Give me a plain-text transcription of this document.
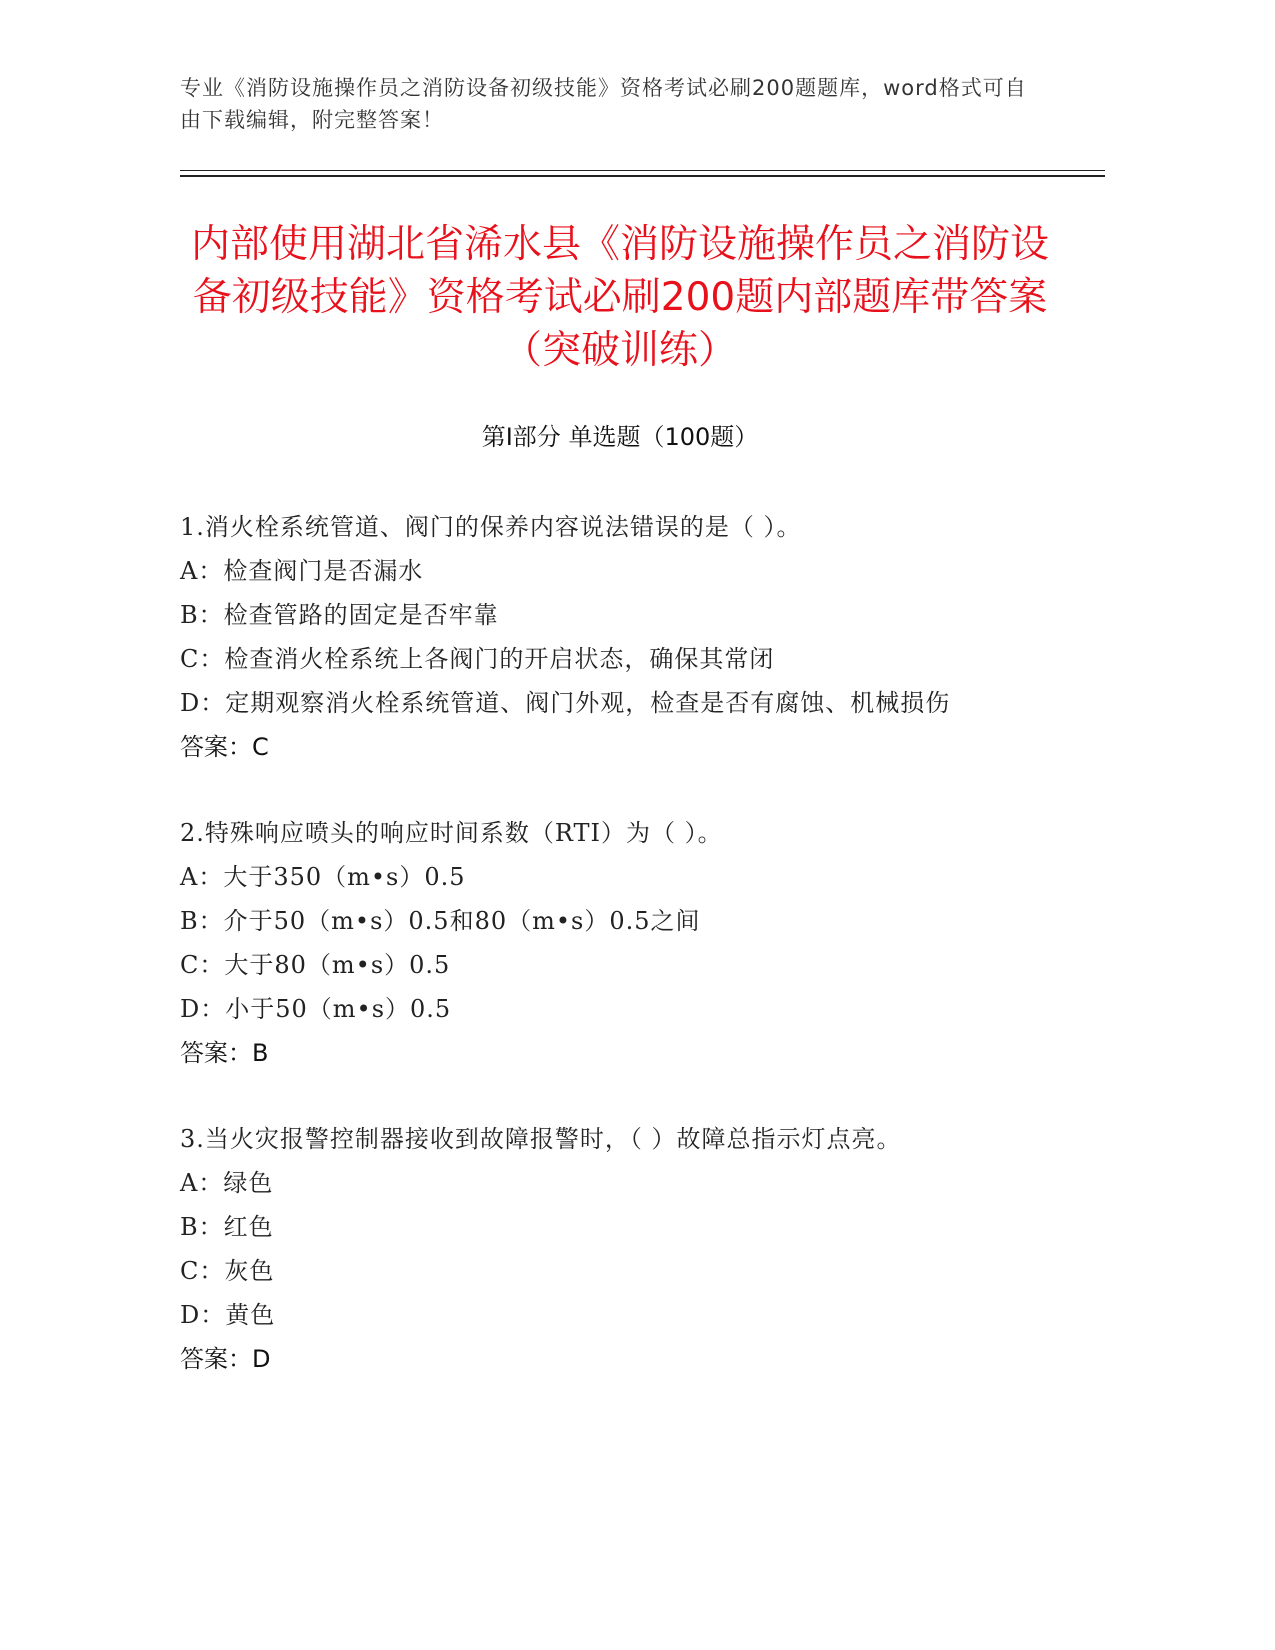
专业《消防设施操作员之消防设备初级技能》资格考试必刷200题题库，word格式可自由下载编辑，附完整答案！
内部使用湖北省浠水县《消防设施操作员之消防设备初级技能》资格考试必刷200题内部题库带答案（突破训练）
第Ⅰ部分 单选题（100题）
1.消火栓系统管道、阀门的保养内容说法错误的是（ ）。
A：检查阀门是否漏水
B：检查管路的固定是否牢靠
C：检查消火栓系统上各阀门的开启状态，确保其常闭
D：定期观察消火栓系统管道、阀门外观，检查是否有腐蚀、机械损伤
答案：C
2.特殊响应喷头的响应时间系数（RTI）为（ ）。
A：大于350（m•s）0.5
B：介于50（m•s）0.5和80（m•s）0.5之间
C：大于80（m•s）0.5
D：小于50（m•s）0.5
答案：B
3.当火灾报警控制器接收到故障报警时，（ ）故障总指示灯点亮。
A：绿色
B：红色
C：灰色
D：黄色
答案：D
